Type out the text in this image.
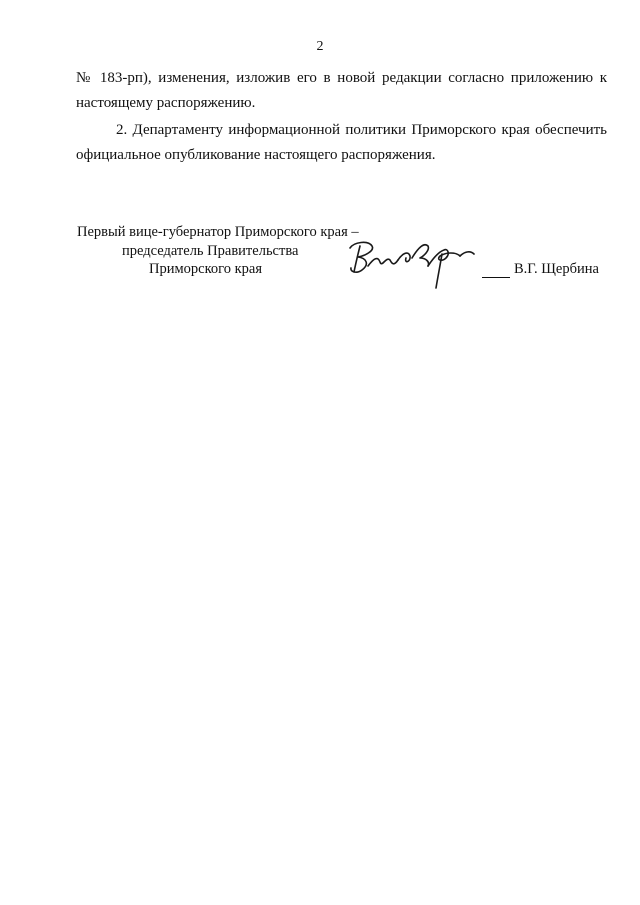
2

№ 183-рп), изменения, изложив его в новой редакции согласно приложению к настоящему распоряжению.

2. Департаменту информационной политики Приморского края обеспечить официальное опубликование настоящего распоряжения.

Первый вице-губернатор Приморского края –
председатель Правительства
Приморского края	В.Г. Щербина
